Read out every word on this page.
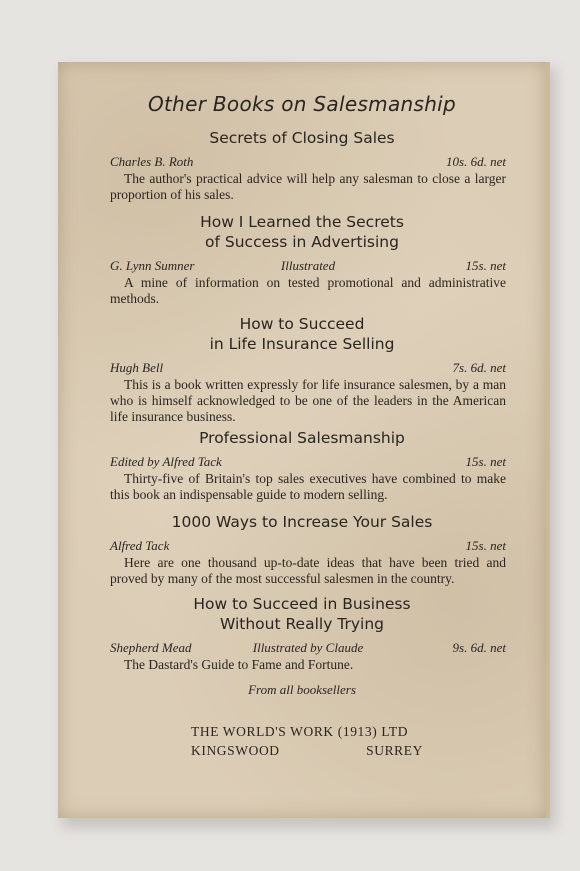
Other Books on Salesmanship
Secrets of Closing Sales
Charles B. Roth	10s. 6d. net
The author's practical advice will help any salesman to close a larger proportion of his sales.
How I Learned the Secrets
of Success in Advertising
G. Lynn Sumner	Illustrated	15s. net
A mine of information on tested promotional and administrative methods.
How to Succeed
in Life Insurance Selling
Hugh Bell	7s. 6d. net
This is a book written expressly for life insurance salesmen, by a man who is himself acknowledged to be one of the leaders in the American life insurance business.
Professional Salesmanship
Edited by Alfred Tack	15s. net
Thirty-five of Britain's top sales executives have combined to make this book an indispensable guide to modern selling.
1000 Ways to Increase Your Sales
Alfred Tack	15s. net
Here are one thousand up-to-date ideas that have been tried and proved by many of the most successful salesmen in the country.
How to Succeed in Business
Without Really Trying
Shepherd Mead	Illustrated by Claude	9s. 6d. net
The Dastard's Guide to Fame and Fortune.
From all booksellers
THE WORLD'S WORK (1913) LTD
KINGSWOOD	SURREY
